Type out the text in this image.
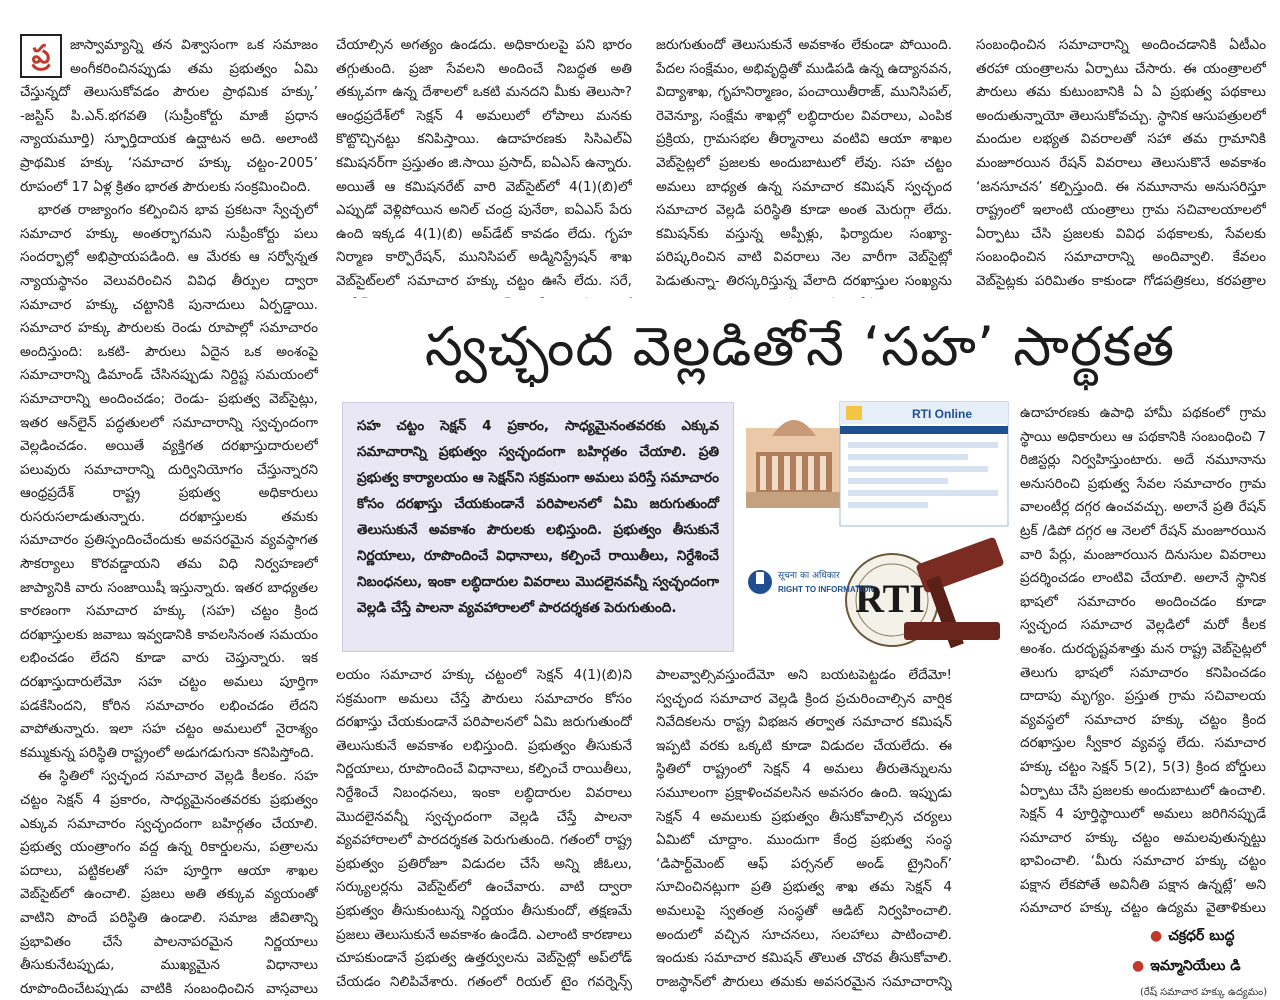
ప్ర	జాస్వామ్యాన్ని తన విశ్వాసంగా ఒక సమాజం అంగీకరించినప్పుడు తమ ప్రభుత్వం ఏమి చేస్తున్నదో తెలుసుకోవడం పౌరుల ప్రాథమిక హక్కు’ -జస్టిస్ పి.ఎన్.భగవతి (సుప్రీంకోర్టు మాజీ ప్రధాన న్యాయమూర్తి) స్ఫూర్తిదాయక ఉద్ఘాటన అది. అలాంటి ప్రాథమిక హక్కు ‘సమాచార హక్కు చట్టం-2005’ రూపంలో 17 ఏళ్ల క్రితం భారత పౌరులకు సంక్రమించింది.

భారత రాజ్యాంగం కల్పించిన భావ ప్రకటనా స్వేచ్ఛలో సమాచార హక్కు అంతర్భాగమని సుప్రీంకోర్టు పలు సందర్భాల్లో అభిప్రాయపడింది. ఆ మేరకు ఆ సర్వోన్నత న్యాయస్థానం వెలువరించిన వివిధ తీర్పుల ద్వారా సమాచార హక్కు చట్టానికి పునాదులు ఏర్పడ్డాయి. సమాచార హక్కు పౌరులకు రెండు రూపాల్లో సమాచారం అందిస్తుంది: ఒకటి- పౌరులు ఏదైన ఒక అంశంపై సమాచారాన్ని డిమాండ్ చేసినప్పుడు నిర్దిష్ట సమయంలో సమాచారాన్ని అందించడం; రెండు- ప్రభుత్వ వెబ్‌సైట్లు, ఇతర ఆన్‌లైన్ పద్ధతులలో సమాచారాన్ని స్వచ్ఛందంగా వెల్లడించడం. అయితే వ్యక్తిగత దరఖాస్తుదారులలో పలువురు సమాచారాన్ని దుర్వినియోగం చేస్తున్నారని ఆంధ్రప్రదేశ్ రాష్ట్ర ప్రభుత్వ అధికారులు రుసరుసలాడుతున్నారు. దరఖాస్తులకు తమకు సమాచారం ప్రతిస్పందించేందుకు అవసరమైన వ్యవస్థాగత సౌకర్యాలు కొరవడ్డాయని తమ విధి నిర్వహణలో జాప్యానికి వారు సంజాయిషీ ఇస్తున్నారు. ఇతర బాధ్యతల కారణంగా సమాచార హక్కు (సహ) చట్టం క్రింద దరఖాస్తులకు జవాబు ఇవ్వడానికి కావలసినంత సమయం లభించడం లేదని కూడా వారు చెప్తున్నారు. ఇక దరఖాస్తుదారులేమో సహ చట్టం అమలు పూర్తిగా పడకేసిందని, కోరిన సమాచారం లభించడం లేదని వాపోతున్నారు. ఇలా సహ చట్టం అమలులో నైరాశ్యం కమ్ముకున్న పరిస్థితి రాష్ట్రంలో అడుగడుగునా కనిపిస్తోంది.

ఈ స్థితిలో స్వచ్ఛంద సమాచార వెల్లడి కీలకం. సహ చట్టం సెక్షన్ 4 ప్రకారం, సాధ్యమైనంతవరకు ప్రభుత్వం ఎక్కువ సమాచారం స్వచ్ఛందంగా బహిర్గతం చేయాలి. ప్రభుత్వ యంత్రాంగం వద్ద ఉన్న రికార్డులను, పత్రాలను పదాలు, పట్టికలతో సహ పూర్తిగా ఆయా శాఖల వెబ్‌సైట్‌లో ఉంచాలి. ప్రజలు అతి తక్కువ వ్యయంతో వాటిని పొందే పరిస్థితి ఉండాలి. సమాజ జీవితాన్ని ప్రభావితం చేసే పాలనాపరమైన నిర్ణయాలు తీసుకునేటప్పుడు, ముఖ్యమైన విధానాలు రూపొందించేటప్పుడు వాటికి సంబంధించిన వాస్తవాలు

చేయాల్సిన అగత్యం ఉండదు. అధికారులపై పని భారం తగ్గుతుంది. ప్రజా సేవలని అందించే నిబద్ధత అతి తక్కువగా ఉన్న దేశాలలో ఒకటి మనదని మీకు తెలుసా? ఆంధ్రప్రదేశ్‌లో సెక్షన్ 4 అమలులో లోపాలు మనకు కొట్టొచ్చినట్టు కనిపిస్తాయి. ఉదాహరణకు సిసిఎల్‌ఏ కమిషనర్‌గా ప్రస్తుతం జి.సాయి ప్రసాద్, ఐఏఎస్ ఉన్నారు. అయితే ఆ కమిషనరేట్ వారి వెబ్‌సైట్‌లో 4(1)(బి)లో ఎప్పుడో వెళ్లిపోయిన అనిల్ చంద్ర పునేఠా, ఐఏఎస్ పేరు ఉంది ఇక్కడ 4(1)(బి) అప్‌డేట్ కావడం లేదు. గృహ నిర్మాణ కార్పొరేషన్, మునిసిపల్ అడ్మినిస్ట్రేషన్ శాఖ వెబ్‌సైట్‌లలో సమాచార హక్కు చట్టం ఊసే లేదు. సరే,

జరుగుతుందో తెలుసుకునే అవకాశం లేకుండా పోయింది. పేదల సంక్షేమం, అభివృద్ధితో ముడిపడి ఉన్న ఉద్యానవన, విద్యాశాఖ, గృహనిర్మాణం, పంచాయితీరాజ్, మునిసిపల్, రెవెన్యూ, సంక్షేమ శాఖల్లో లబ్ధిదారుల వివరాలు, ఎంపిక ప్రక్రియ, గ్రామసభల తీర్మానాలు వంటివి ఆయా శాఖల వెబ్‌సైట్లలో ప్రజలకు అందుబాటులో లేవు. సహ చట్టం అమలు బాధ్యత ఉన్న సమాచార కమిషన్ స్వచ్ఛంద సమాచార వెల్లడి పరిస్థితి కూడా అంత మెరుగ్గా లేదు. కమిషన్‌కు వస్తున్న అప్పీళ్లు, ఫిర్యాదుల సంఖ్యా-పరిష్కరించిన వాటి వివరాలు నెల వారీగా వెబ్‌సైట్లో పెడుతున్నా- తిరస్కరిస్తున్న వేలాది దరఖాస్తుల సంఖ్యను

సంబంధించిన సమాచారాన్ని అందించడానికి ఏటీఎం తరహా యంత్రాలను ఏర్పాటు చేసారు. ఈ యంత్రాలలో పౌరులు తమ కుటుంబానికి ఏ ఏ ప్రభుత్వ పథకాలు అందుతున్నాయో తెలుసుకోవచ్చు. స్థానిక ఆసుపత్రులలో మందుల లభ్యత వివరాలతో సహా తమ గ్రామానికి మంజూరయిన రేషన్ వివరాలు తెలుసుకొనే అవకాశం ‘జనసూచన’ కల్పిస్తుంది. ఈ నమూనాను అనుసరిస్తూ రాష్ట్రంలో ఇలాంటి యంత్రాలు గ్రామ సచివాలయాలలో ఏర్పాటు చేసి ప్రజలకు వివిధ పథకాలకు, సేవలకు సంబంధించిన సమాచారాన్ని అందివ్వాలి. కేవలం వెబ్‌సైట్లకు పరిమితం కాకుండా గోడపత్రికలు, కరపత్రాల

స్వచ్ఛంద వెల్లడితోనే ‘సహ’ సార్థకత
సహ చట్టం సెక్షన్ 4 ప్రకారం, సాధ్యమైనంతవరకు ఎక్కువ సమాచారాన్ని ప్రభుత్వం స్వచ్ఛందంగా బహిర్గతం చేయాలి. ప్రతి ప్రభుత్వ కార్యాలయం ఆ సెక్షన్‌ని సక్రమంగా అమలు పరిస్తే సమాచారం కోసం దరఖాస్తు చేయకుండానే పరిపాలనలో ఏమి జరుగుతుందో తెలుసుకునే అవకాశం పౌరులకు లభిస్తుంది. ప్రభుత్వం తీసుకునే నిర్ణయాలు, రూపొందించే విధానాలు, కల్పించే రాయితీలు, నిర్దేశించే నిబంధనలు, ఇంకా లబ్ధిదారుల వివరాలు మొదలైనవన్నీ స్వచ్ఛందంగా వెల్లడి చేస్తే పాలనా వ్యవహారాలలో పారదర్శకత పెరుగుతుంది.
RTI Online
RTI
सूचना का अधिकार
RIGHT TO INFORMATION

ఉదాహరణకు ఉపాధి హామీ పథకంలో గ్రామ స్థాయి అధికారులు ఆ పథకానికి సంబంధించి 7 రిజిస్టర్లు నిర్వహిస్తుంటారు. అదే నమూనాను అనుసరించి ప్రభుత్వ సేవల సమాచారం గ్రామ వాలంటీర్ల దగ్గర ఉంచవచ్చు. అలానే ప్రతి రేషన్ ట్రక్ /డిపో దగ్గర ఆ నెలలో రేషన్ మంజూరయిన వారి పేర్లు, మంజూరయిన దినుసుల వివరాలు ప్రదర్శించడం లాంటివి చేయాలి. అలానే స్థానిక భాషలో సమాచారం అందించడం కూడా స్వచ్ఛంద సమాచార వెల్లడిలో మరో కీలక అంశం. దురదృష్టవశాత్తు మన రాష్ట్ర వెబ్‌సైట్లలో తెలుగు భాషలో సమాచారం కనిపించడం దాదాపు మృగ్యం. ప్రస్తుత గ్రామ సచివాలయ వ్యవస్థలో సమాచార హక్కు చట్టం క్రింద దరఖాస్తుల స్వీకార వ్యవస్థ లేదు. సమాచార హక్కు చట్టం సెక్షన్ 5(2), 5(3) క్రింద బోర్డులు ఏర్పాటు చేసి ప్రజలకు అందుబాటులో ఉంచాలి. సెక్షన్ 4 పూర్తిస్థాయిలో అమలు జరిగినప్పుడే సమాచార హక్కు చట్టం అమలవుతున్నట్టు భావించాలి. ‘మీరు సమాచార హక్కు చట్టం పక్షాన లేకపోతే అవినీతి పక్షాన ఉన్నట్లే’ అని సమాచార హక్కు చట్టం ఉద్యమ వైతాళికులు

లయం సమాచార హక్కు చట్టంలో సెక్షన్ 4(1)(బి)ని సక్రమంగా అమలు చేస్తే పౌరులు సమాచారం కోసం దరఖాస్తు చేయకుండానే పరిపాలనలో ఏమి జరుగుతుందో తెలుసుకునే అవకాశం లభిస్తుంది. ప్రభుత్వం తీసుకునే నిర్ణయాలు, రూపొందించే విధానాలు, కల్పించే రాయితీలు, నిర్దేశించే నిబంధనలు, ఇంకా లబ్ధిదారుల వివరాలు మొదలైనవన్నీ స్వచ్ఛందంగా వెల్లడి చేస్తే పాలనా వ్యవహారాలలో పారదర్శకత పెరుగుతుంది. గతంలో రాష్ట్ర ప్రభుత్వం ప్రతిరోజూ విడుదల చేసే అన్ని జీఓలు, సర్క్యులర్లను వెబ్‌సైట్‌లో ఉంచేవారు. వాటి ద్వారా ప్రభుత్వం తీసుకుంటున్న నిర్ణయం తీసుకుందో, తక్షణమే ప్రజలు తెలుసుకునే అవకాశం ఉండేది. ఎలాంటి కారణాలు చూపకుండానే ప్రభుత్వ ఉత్తర్వులను వెబ్‌సైట్లో అప్‌లోడ్ చేయడం నిలిపివేశారు. గతంలో రియల్ టైం గవర్నెన్స్

పాలవ్వాల్సివస్తుందేమో అని బయటపెట్టడం లేదేమో! స్వచ్ఛంద సమాచార వెల్లడి క్రింద ప్రచురించాల్సిన వార్షిక నివేదికలను రాష్ట్ర విభజన తర్వాత సమాచార కమిషన్ ఇప్పటి వరకు ఒక్కటి కూడా విడుదల చేయలేదు. ఈ స్థితిలో రాష్ట్రంలో సెక్షన్ 4 అమలు తీరుతెన్నులను సమూలంగా ప్రక్షాళించవలసిన అవసరం ఉంది. ఇప్పుడు సెక్షన్ 4 అమలుకు ప్రభుత్వం తీసుకోవాల్సిన చర్యలు ఏమిటో చూద్దాం. ముందుగా కేంద్ర ప్రభుత్వ సంస్థ ‘డిపార్ట్‌మెంట్ ఆఫ్ పర్సనల్ అండ్ ట్రైనింగ్’ సూచించినట్లుగా ప్రతి ప్రభుత్వ శాఖ తమ సెక్షన్ 4 అమలుపై స్వతంత్ర సంస్థతో ఆడిట్ నిర్వహించాలి. అందులో వచ్చిన సూచనలు, సలహాలు పాటించాలి. ఇందుకు సమాచార కమిషన్ తొలుత చొరవ తీసుకోవాలి. రాజస్థాన్‌లో పౌరులు తమకు అవసరమైన సమాచారాన్ని

● చక్రధర్ బుద్ధ
● ఇమ్మానియేలు డి
(రేష్ సమాచార హక్కు ఉద్యమం)
